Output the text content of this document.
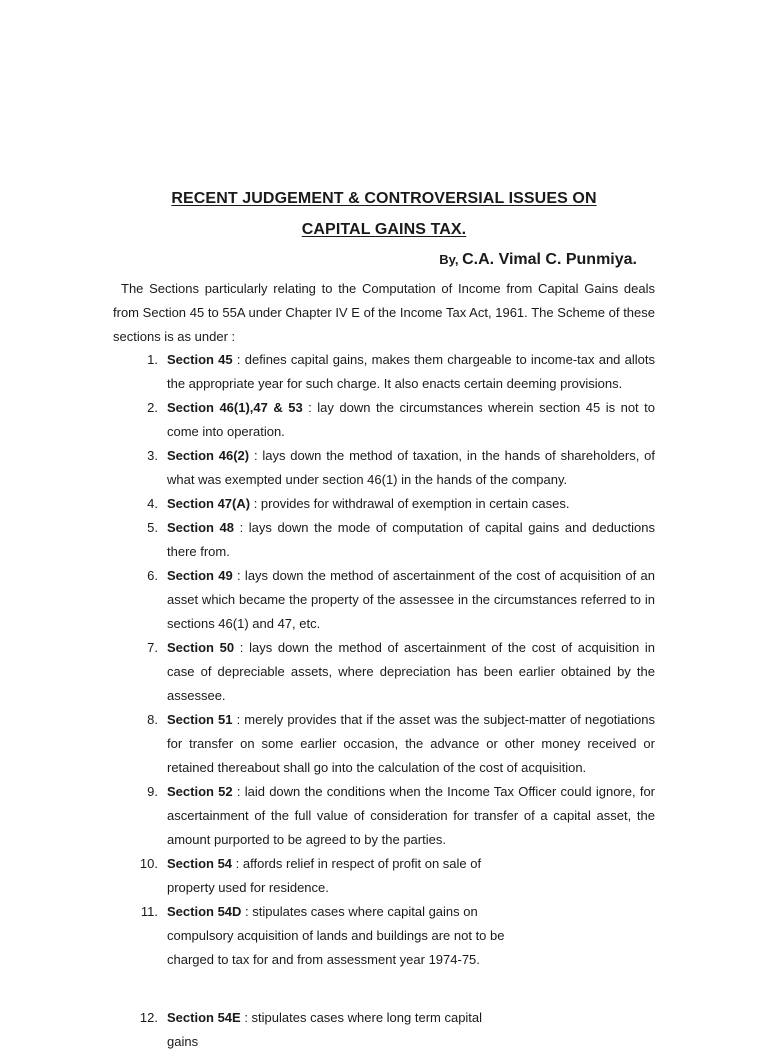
RECENT JUDGEMENT & CONTROVERSIAL ISSUES ON

CAPITAL GAINS TAX.

By, C.A. Vimal C. Punmiya.

The Sections particularly relating to the Computation of Income from Capital Gains deals from Section 45 to 55A under Chapter IV E of the Income Tax Act, 1961. The Scheme of these sections is as under :

1. Section 45 : defines capital gains, makes them chargeable to income-tax and allots the appropriate year for such charge. It also enacts certain deeming provisions.
2. Section 46(1),47 & 53 : lay down the circumstances wherein section 45 is not to come into operation.
3. Section 46(2) : lays down the method of taxation, in the hands of shareholders, of what was exempted under section 46(1) in the hands of the company.
4. Section 47(A) : provides for withdrawal of exemption in certain cases.
5. Section 48 : lays down the mode of computation of capital gains and deductions there from.
6. Section 49 : lays down the method of ascertainment of the cost of acquisition of an asset which became the property of the assessee in the circumstances referred to in sections 46(1) and 47, etc.
7. Section 50 : lays down the method of ascertainment of the cost of acquisition in case of depreciable assets, where depreciation has been earlier obtained by the assessee.
8. Section 51 : merely provides that if the asset was the subject-matter of negotiations for transfer on some earlier occasion, the advance or other money received or retained thereabout shall go into the calculation of the cost of acquisition.
9. Section 52 : laid down the conditions when the Income Tax Officer could ignore, for ascertainment of the full value of consideration for transfer of a capital asset, the amount purported to be agreed to by the parties.
10. Section 54 : affords relief in respect of profit on sale of property used for residence.
11. Section 54D : stipulates cases where capital gains on compulsory acquisition of lands and buildings are not to be charged to tax for and from assessment year 1974-75.
12. Section 54E : stipulates cases where long term capital gains
